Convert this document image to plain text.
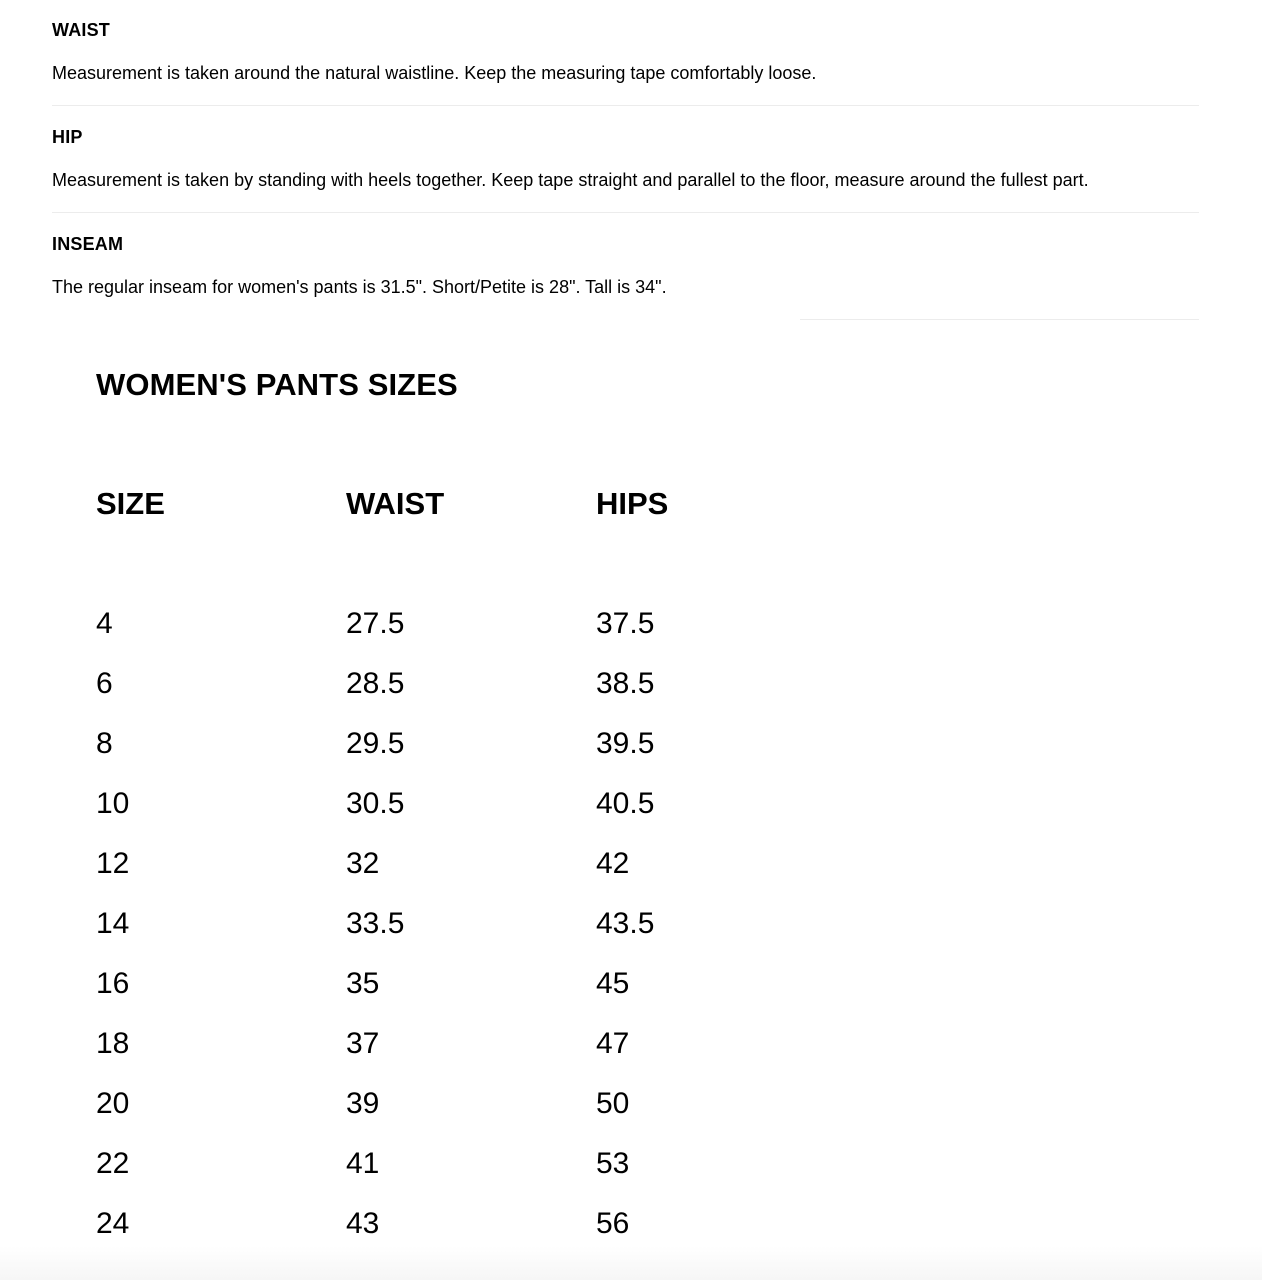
WAIST

Measurement is taken around the natural waistline. Keep the measuring tape comfortably loose.

HIP

Measurement is taken by standing with heels together. Keep tape straight and parallel to the floor, measure around the fullest part.

INSEAM

The regular inseam for women's pants is 31.5". Short/Petite is 28". Tall is 34".

WOMEN'S PANTS SIZES
SIZE	WAIST	HIPS
4	27.5	37.5
6	28.5	38.5
8	29.5	39.5
10	30.5	40.5
12	32	42
14	33.5	43.5
16	35	45
18	37	47
20	39	50
22	41	53
24	43	56
